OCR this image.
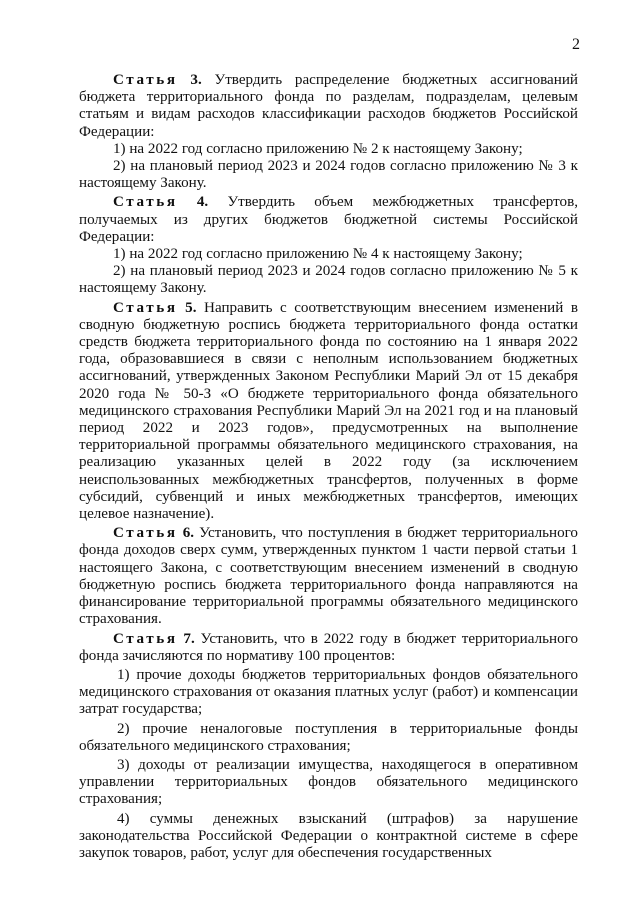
2

Статья 3. Утвердить распределение бюджетных ассигнований бюджета территориального фонда по разделам, подразделам, целевым статьям и видам расходов классификации расходов бюджетов Российской Федерации:

1) на 2022 год согласно приложению № 2 к настоящему Закону;

2) на плановый период 2023 и 2024 годов согласно приложению № 3 к настоящему Закону.

Статья 4. Утвердить объем межбюджетных трансфертов, получаемых из других бюджетов бюджетной системы Российской Федерации:

1) на 2022 год согласно приложению № 4 к настоящему Закону;

2) на плановый период 2023 и 2024 годов согласно приложению № 5 к настоящему Закону.

Статья 5. Направить с соответствующим внесением изменений в сводную бюджетную роспись бюджета территориального фонда остатки средств бюджета территориального фонда по состоянию на 1 января 2022 года, образовавшиеся в связи с неполным использованием бюджетных ассигнований, утвержденных Законом Республики Марий Эл от 15 декабря 2020 года № 50-З «О бюджете территориального фонда обязательного медицинского страхования Республики Марий Эл на 2021 год и на плановый период 2022 и 2023 годов», предусмотренных на выполнение территориальной программы обязательного медицинского страхования, на реализацию указанных целей в 2022 году (за исключением неиспользованных межбюджетных трансфертов, полученных в форме субсидий, субвенций и иных межбюджетных трансфертов, имеющих целевое назначение).

Статья 6. Установить, что поступления в бюджет территориального фонда доходов сверх сумм, утвержденных пунктом 1 части первой статьи 1 настоящего Закона, с соответствующим внесением изменений в сводную бюджетную роспись бюджета территориального фонда направляются на финансирование территориальной программы обязательного медицинского страхования.

Статья 7. Установить, что в 2022 году в бюджет территориального фонда зачисляются по нормативу 100 процентов:

1) прочие доходы бюджетов территориальных фондов обязательного медицинского страхования от оказания платных услуг (работ) и компенсации затрат государства;

2) прочие неналоговые поступления в территориальные фонды обязательного медицинского страхования;

3) доходы от реализации имущества, находящегося в оперативном управлении территориальных фондов обязательного медицинского страхования;

4) суммы денежных взысканий (штрафов) за нарушение законодательства Российской Федерации о контрактной системе в сфере закупок товаров, работ, услуг для обеспечения государственных
